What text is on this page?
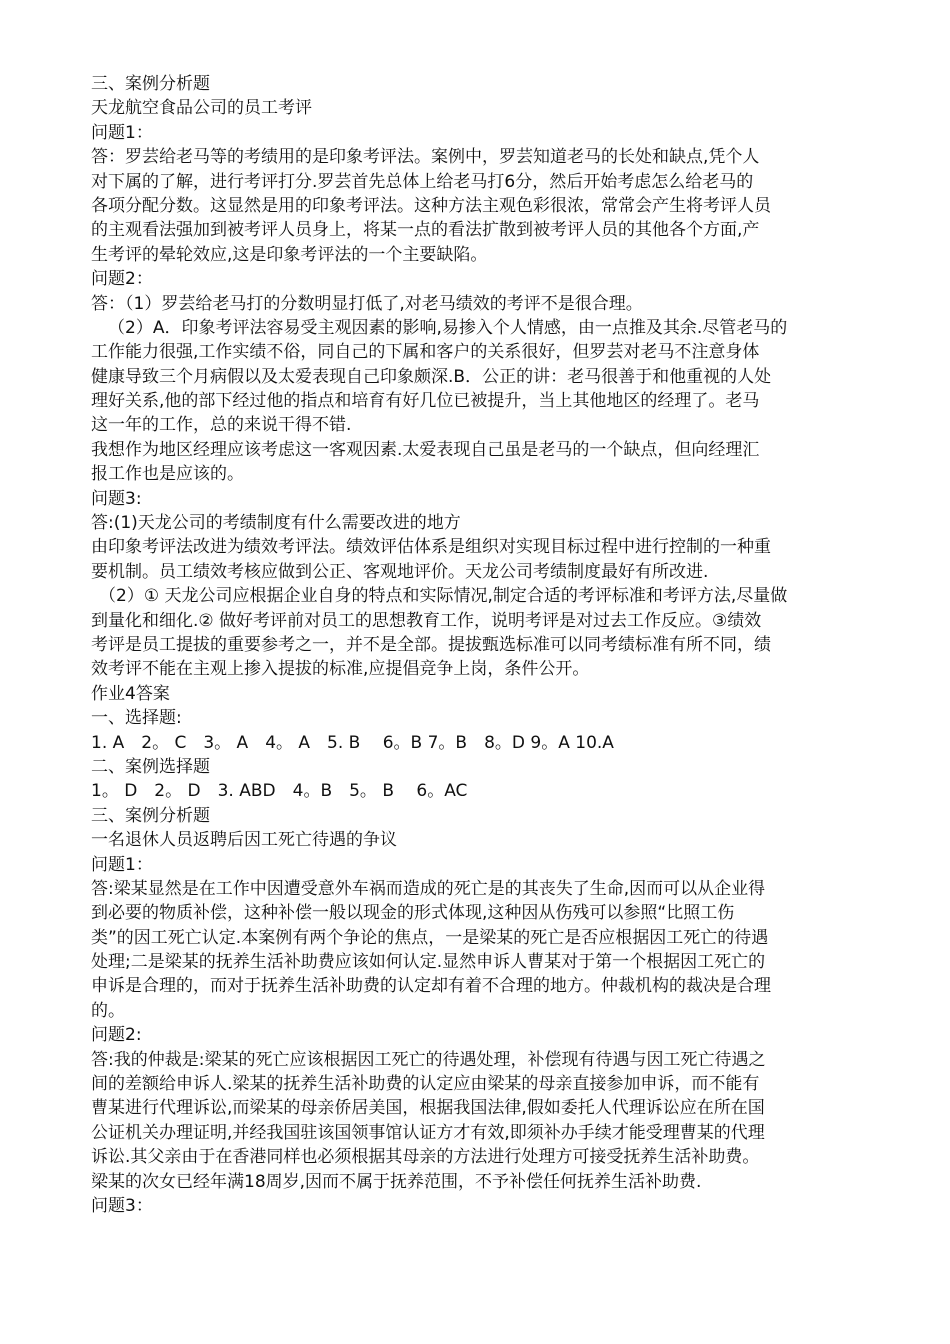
三、案例分析题
天龙航空食品公司的员工考评
问题1：
答：罗芸给老马等的考绩用的是印象考评法。案例中，罗芸知道老马的长处和缺点,凭个人
对下属的了解，进行考评打分.罗芸首先总体上给老马打6分，然后开始考虑怎么给老马的
各项分配分数。这显然是用的印象考评法。这种方法主观色彩很浓，常常会产生将考评人员
的主观看法强加到被考评人员身上，将某一点的看法扩散到被考评人员的其他各个方面,产
生考评的晕轮效应,这是印象考评法的一个主要缺陷。
问题2：
答：（1）罗芸给老马打的分数明显打低了,对老马绩效的考评不是很合理。
（2）A．印象考评法容易受主观因素的影响,易掺入个人情感，由一点推及其余.尽管老马的
工作能力很强,工作实绩不俗，同自己的下属和客户的关系很好，但罗芸对老马不注意身体
健康导致三个月病假以及太爱表现自己印象颇深.B．公正的讲：老马很善于和他重视的人处
理好关系,他的部下经过他的指点和培育有好几位已被提升，当上其他地区的经理了。老马
这一年的工作，总的来说干得不错.
我想作为地区经理应该考虑这一客观因素.太爱表现自己虽是老马的一个缺点，但向经理汇
报工作也是应该的。
问题3:
答:(1)天龙公司的考绩制度有什么需要改进的地方
由印象考评法改进为绩效考评法。绩效评估体系是组织对实现目标过程中进行控制的一种重
要机制。员工绩效考核应做到公正、客观地评价。天龙公司考绩制度最好有所改进.
（2）① 天龙公司应根据企业自身的特点和实际情况,制定合适的考评标准和考评方法,尽量做
到量化和细化.② 做好考评前对员工的思想教育工作，说明考评是对过去工作反应。③绩效
考评是员工提拔的重要参考之一，并不是全部。提拔甄选标准可以同考绩标准有所不同，绩
效考评不能在主观上掺入提拔的标准,应提倡竞争上岗，条件公开。
作业4答案
一、选择题:
1. A　2。 C　3。 A　4。 A　5. B　 6。B 7。B　8。D 9。A 10.A
二、案例选择题
1。 D　2。 D　3. ABD　4。B　5。 B　 6。AC
三、案例分析题
一名退休人员返聘后因工死亡待遇的争议
问题1：
答:梁某显然是在工作中因遭受意外车祸而造成的死亡是的其丧失了生命,因而可以从企业得
到必要的物质补偿，这种补偿一般以现金的形式体现,这种因从伤残可以参照“比照工伤
类”的因工死亡认定.本案例有两个争论的焦点，一是梁某的死亡是否应根据因工死亡的待遇
处理;二是梁某的抚养生活补助费应该如何认定.显然申诉人曹某对于第一个根据因工死亡的
申诉是合理的，而对于抚养生活补助费的认定却有着不合理的地方。仲裁机构的裁决是合理
的。
问题2:
答:我的仲裁是:梁某的死亡应该根据因工死亡的待遇处理，补偿现有待遇与因工死亡待遇之
间的差额给申诉人.梁某的抚养生活补助费的认定应由梁某的母亲直接参加申诉，而不能有
曹某进行代理诉讼,而梁某的母亲侨居美国，根据我国法律,假如委托人代理诉讼应在所在国
公证机关办理证明,并经我国驻该国领事馆认证方才有效,即须补办手续才能受理曹某的代理
诉讼.其父亲由于在香港同样也必须根据其母亲的方法进行处理方可接受抚养生活补助费。
梁某的次女已经年满18周岁,因而不属于抚养范围，不予补偿任何抚养生活补助费.
问题3：
